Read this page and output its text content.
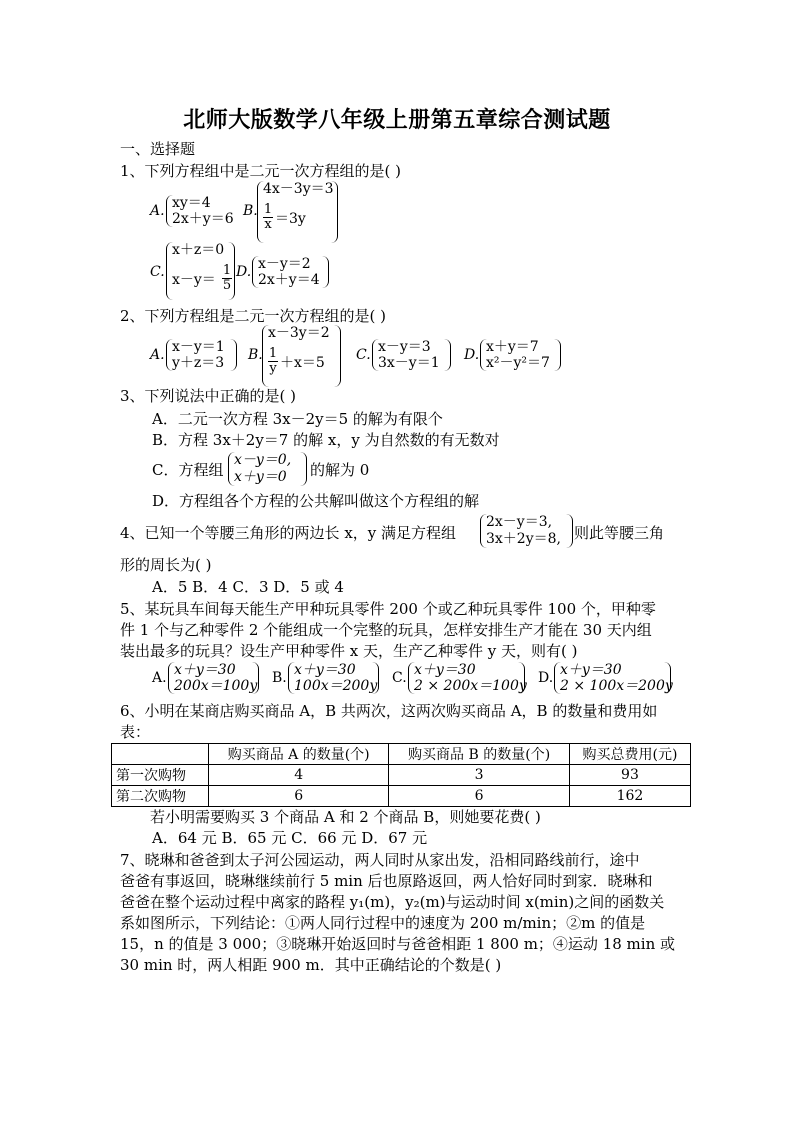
北师大版数学八年级上册第五章综合测试题
一、选择题
1、下列方程组中是二元一次方程组的是( )
A. xy＝4
2x＋y＝6 B.
4x－3y＝3
$\frac{1}{x} =3y$
C.
x＋z＝0
$x-y= \frac{1}{5} D$. x－y＝2
2x＋y＝4
2、下列方程组是二元一次方程组的是( )
A. x－y＝1
y＋z＝3 B.
x－3y＝2
$\frac{1}{y} +x=5$ C. x－y＝3
3x－y＝1 D. x＋y＝7
x²－y²＝7
3、下列说法中正确的是( )
A．二元一次方程 3x－2y＝5 的解为有限个
B．方程 3x＋2y＝7 的解 x，y 为自然数的有无数对
C．方程组
x－y＝0,
x＋y＝0 的解为 0
D．方程组各个方程的公共解叫做这个方程组的解
4、已知一个等腰三角形的两边长 x，y 满足方程组
2x－y＝3,
3x＋2y＝8, 则此等腰三角
形的周长为( )
A．5 B．4 C．3 D．5 或 4
5、某玩具车间每天能生产甲种玩具零件 200 个或乙种玩具零件 100 个，甲种零
件 1 个与乙种零件 2 个能组成一个完整的玩具，怎样安排生产才能在 30 天内组
装出最多的玩具？设生产甲种零件 x 天，生产乙种零件 y 天，则有( )
A. x＋y＝30
200x＝100y B. x＋y＝30
100x＝200y C. x＋y＝30
2 × 200x＝100y D. x＋y＝30
2 × 100x＝200y
6、小明在某商店购买商品 A，B 共两次，这两次购买商品 A，B 的数量和费用如
表：
	购买商品 A 的数量(个)	购买商品 B 的数量(个)	购买总费用(元)
第一次购物	4	3	93
第二次购物	6	6	162
若小明需要购买 3 个商品 A 和 2 个商品 B，则她要花费( )
A．64 元 B．65 元 C．66 元 D．67 元
7、晓琳和爸爸到太子河公园运动，两人同时从家出发，沿相同路线前行，途中
爸爸有事返回，晓琳继续前行 5 min 后也原路返回，两人恰好同时到家．晓琳和
爸爸在整个运动过程中离家的路程 y₁(m)，y₂(m)与运动时间 x(min)之间的函数关
系如图所示，下列结论：①两人同行过程中的速度为 200 m/min；②m 的值是
15，n 的值是 3 000；③晓琳开始返回时与爸爸相距 1 800 m；④运动 18 min 或
30 min 时，两人相距 900 m．其中正确结论的个数是( )
